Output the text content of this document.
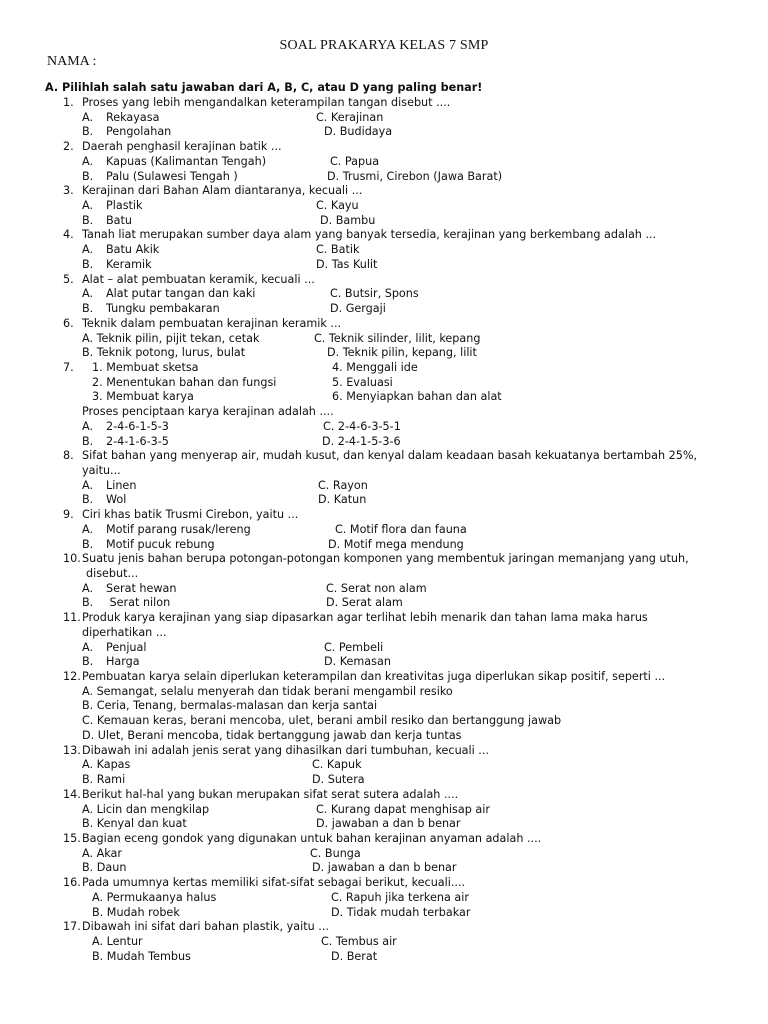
SOAL PRAKARYA KELAS 7 SMP
NAMA :
A. Pilihlah salah satu jawaban dari A, B, C, atau D yang paling benar!
1. Proses yang lebih mengandalkan keterampilan tangan disebut ....
A. Rekayasa	C. Kerajinan
B. Pengolahan	D. Budidaya
2. Daerah penghasil kerajinan batik ...
A. Kapuas (Kalimantan Tengah)	C. Papua
B. Palu (Sulawesi Tengah )	D. Trusmi, Cirebon (Jawa Barat)
3. Kerajinan dari Bahan Alam diantaranya, kecuali ...
A. Plastik	C. Kayu
B. Batu	D. Bambu
4. Tanah liat merupakan sumber daya alam yang banyak tersedia, kerajinan yang berkembang adalah ...
A. Batu Akik	C. Batik
B. Keramik	D. Tas Kulit
5. Alat – alat pembuatan keramik, kecuali ...
A. Alat putar tangan dan kaki	C. Butsir, Spons
B. Tungku pembakaran	D. Gergaji
6. Teknik dalam pembuatan kerajinan keramik ...
A. Teknik pilin, pijit tekan, cetak	C. Teknik silinder, lilit, kepang
B. Teknik potong, lurus, bulat	D. Teknik pilin, kepang, lilit
7. 1. Membuat sketsa	4. Menggali ide
2. Menentukan bahan dan fungsi	5. Evaluasi
3. Membuat karya	6. Menyiapkan bahan dan alat
Proses penciptaan karya kerajinan adalah ....
A. 2-4-6-1-5-3	C. 2-4-6-3-5-1
B. 2-4-1-6-3-5	D. 2-4-1-5-3-6
8. Sifat bahan yang menyerap air, mudah kusut, dan kenyal dalam keadaan basah kekuatanya bertambah 25%,
yaitu...
A. Linen	C. Rayon
B. Wol	D. Katun
9. Ciri khas batik Trusmi Cirebon, yaitu ...
A. Motif parang rusak/lereng	C. Motif flora dan fauna
B. Motif pucuk rebung	D. Motif mega mendung
10. Suatu jenis bahan berupa potongan-potongan komponen yang membentuk jaringan memanjang yang utuh,
disebut...
A. Serat hewan	C. Serat non alam
B. Serat nilon	D. Serat alam
11. Produk karya kerajinan yang siap dipasarkan agar terlihat lebih menarik dan tahan lama maka harus
diperhatikan ...
A. Penjual	C. Pembeli
B. Harga	D. Kemasan
12. Pembuatan karya selain diperlukan keterampilan dan kreativitas juga diperlukan sikap positif, seperti ...
A. Semangat, selalu menyerah dan tidak berani mengambil resiko
B. Ceria, Tenang, bermalas-malasan dan kerja santai
C. Kemauan keras, berani mencoba, ulet, berani ambil resiko dan bertanggung jawab
D. Ulet, Berani mencoba, tidak bertanggung jawab dan kerja tuntas
13. Dibawah ini adalah jenis serat yang dihasilkan dari tumbuhan, kecuali ...
A. Kapas	C. Kapuk
B. Rami	D. Sutera
14. Berikut hal-hal yang bukan merupakan sifat serat sutera adalah ....
A. Licin dan mengkilap	C. Kurang dapat menghisap air
B. Kenyal dan kuat	D. jawaban a dan b benar
15. Bagian eceng gondok yang digunakan untuk bahan kerajinan anyaman adalah ....
A. Akar	C. Bunga
B. Daun	D. jawaban a dan b benar
16. Pada umumnya kertas memiliki sifat-sifat sebagai berikut, kecuali....
A. Permukaanya halus	C. Rapuh jika terkena air
B. Mudah robek	D. Tidak mudah terbakar
17. Dibawah ini sifat dari bahan plastik, yaitu ...
A. Lentur	C. Tembus air
B. Mudah Tembus	D. Berat
